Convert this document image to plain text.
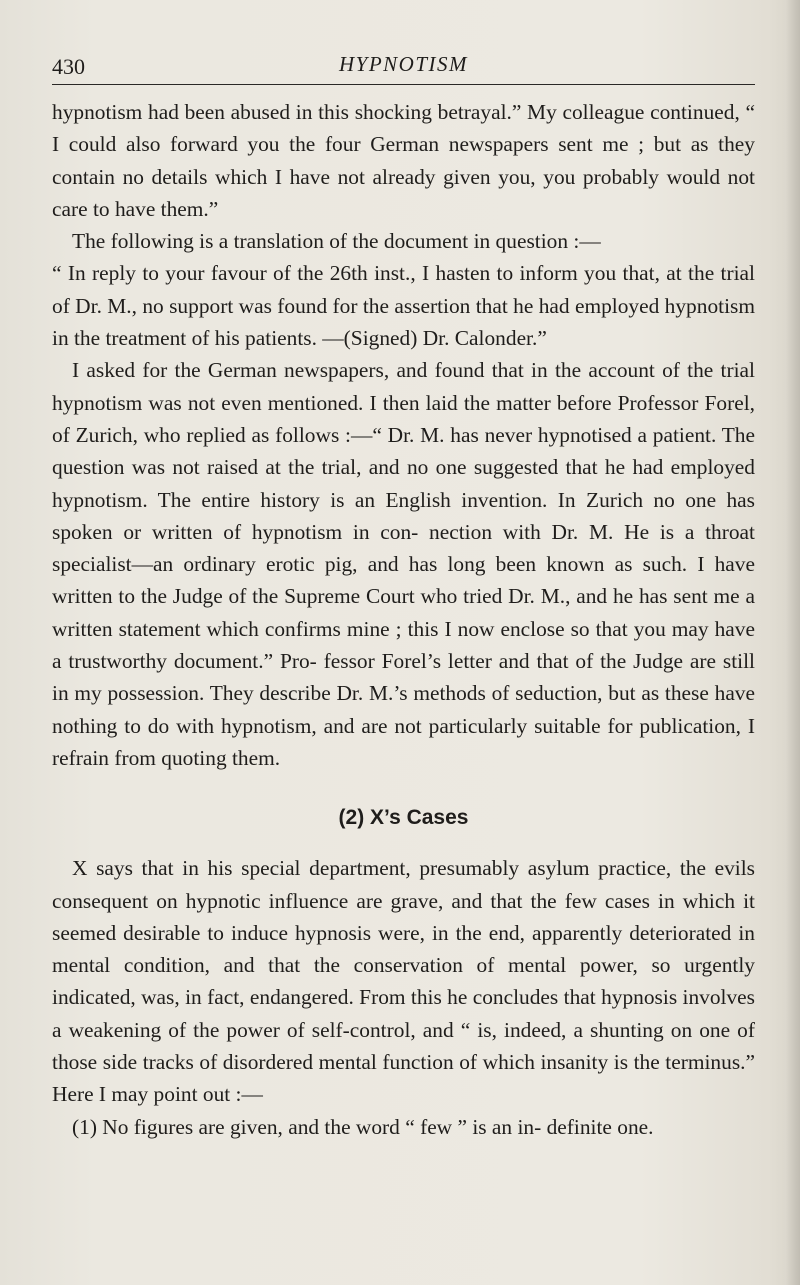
430	HYPNOTISM

hypnotism had been abused in this shocking betrayal.” My colleague continued, “ I could also forward you the four German newspapers sent me ; but as they contain no details which I have not already given you, you probably would not care to have them.”

The following is a translation of the document in question :—

“ In reply to your favour of the 26th inst., I hasten to inform you that, at the trial of Dr. M., no support was found for the assertion that he had employed hypnotism in the treatment of his patients. —(Signed) Dr. Calonder.”

I asked for the German newspapers, and found that in the account of the trial hypnotism was not even mentioned. I then laid the matter before Professor Forel, of Zurich, who replied as follows :—“ Dr. M. has never hypnotised a patient. The question was not raised at the trial, and no one suggested that he had employed hypnotism. The entire history is an English invention. In Zurich no one has spoken or written of hypnotism in con- nection with Dr. M. He is a throat specialist—an ordinary erotic pig, and has long been known as such. I have written to the Judge of the Supreme Court who tried Dr. M., and he has sent me a written statement which confirms mine ; this I now enclose so that you may have a trustworthy document.” Pro- fessor Forel’s letter and that of the Judge are still in my possession. They describe Dr. M.’s methods of seduction, but as these have nothing to do with hypnotism, and are not particularly suitable for publication, I refrain from quoting them.

(2) X’s Cases

X says that in his special department, presumably asylum practice, the evils consequent on hypnotic influence are grave, and that the few cases in which it seemed desirable to induce hypnosis were, in the end, apparently deteriorated in mental condition, and that the conservation of mental power, so urgently indicated, was, in fact, endangered. From this he concludes that hypnosis involves a weakening of the power of self-control, and “ is, indeed, a shunting on one of those side tracks of disordered mental function of which insanity is the terminus.” Here I may point out :—

(1) No figures are given, and the word “ few ” is an in- definite one.
